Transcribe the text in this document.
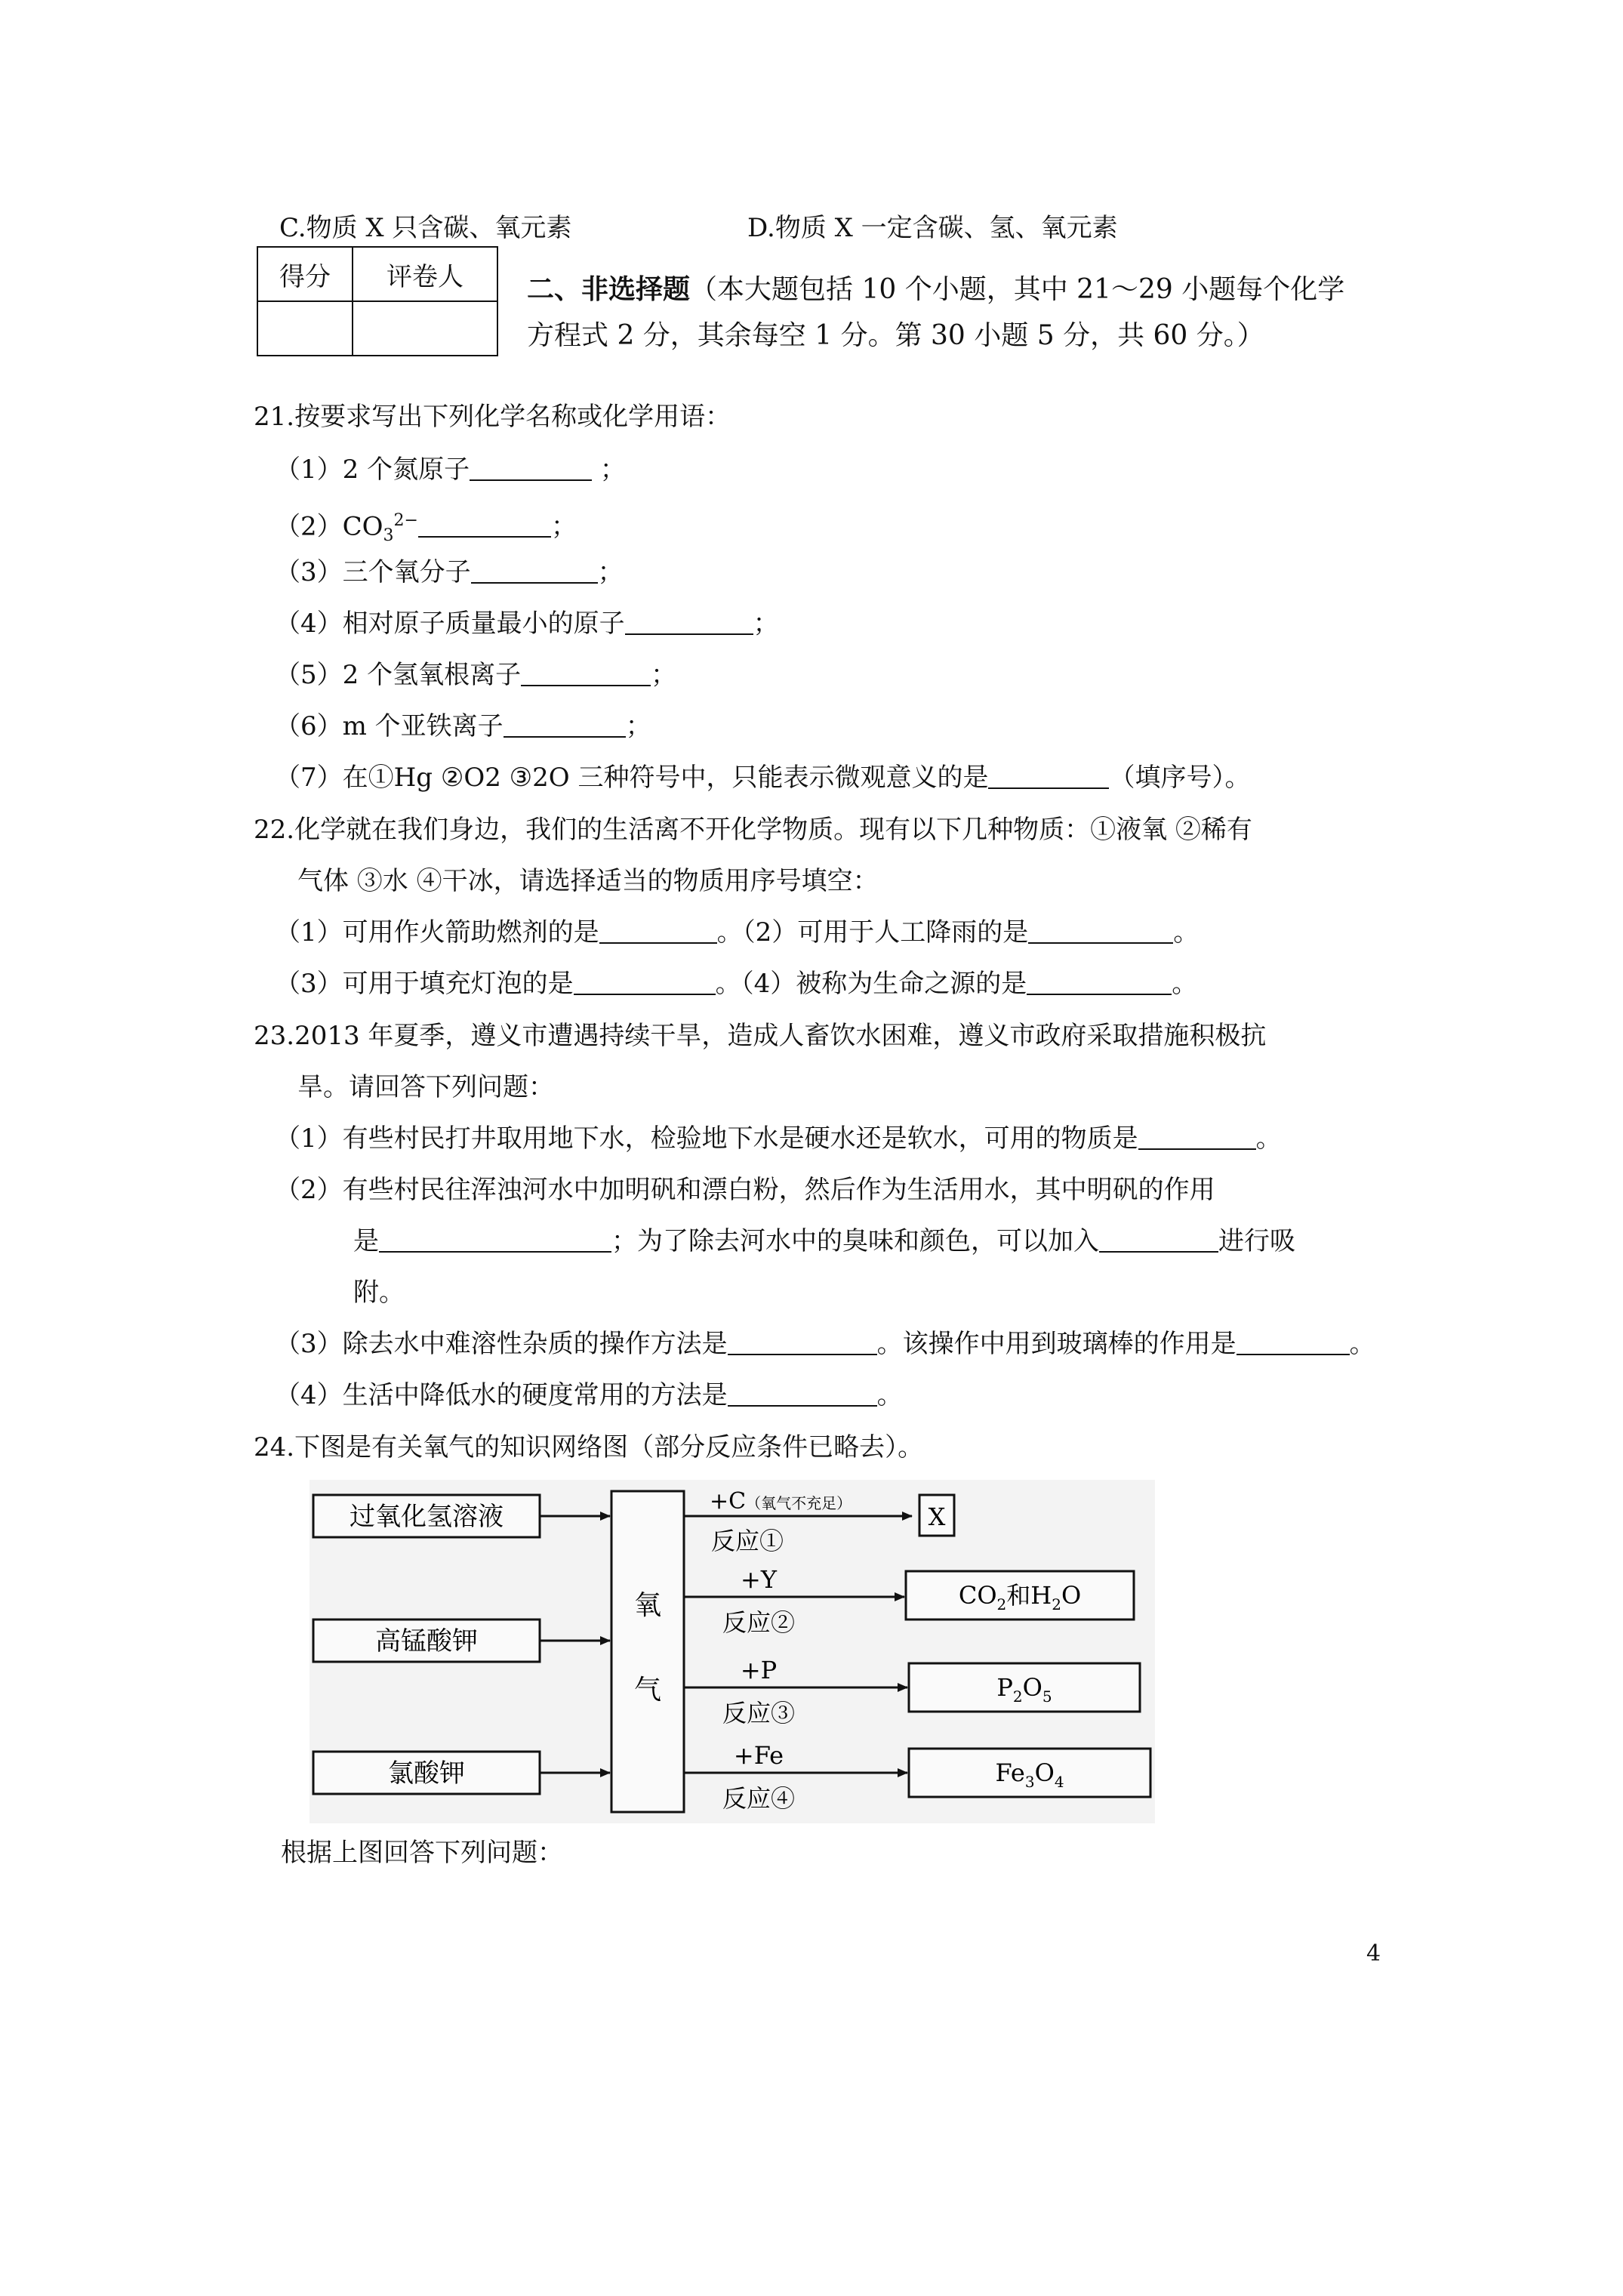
C.物质 X 只含碳、氧元素	D.物质 X 一定含碳、氢、氧元素
得分	评卷人
	二、非选择题（本大题包括 10 个小题，其中 21～29 小题每个化学
方程式 2 分，其余每空 1 分。第 30 小题 5 分，共 60 分。）
21.按要求写出下列化学名称或化学用语：
（1）2 个氮原子	；
$(2)CO_3^{2-}$	；
（3）三个氧分子	；
（4）相对原子质量最小的原子	；
（5）2 个氢氧根离子	；
（6）m 个亚铁离子	；
（7）在①Hg ②O2 ③2O 三种符号中，只能表示微观意义的是	（填序号）。
22.化学就在我们身边，我们的生活离不开化学物质。现有以下几种物质：①液氧 ②稀有
气体 ③水 ④干冰，请选择适当的物质用序号填空：
（1）可用作火箭助燃剂的是	。（2）可用于人工降雨的是	。
（3）可用于填充灯泡的是	。（4）被称为生命之源的是	。
23.2013 年夏季，遵义市遭遇持续干旱，造成人畜饮水困难，遵义市政府采取措施积极抗
旱。请回答下列问题：
（1）有些村民打井取用地下水，检验地下水是硬水还是软水，可用的物质是	。
（2）有些村民往浑浊河水中加明矾和漂白粉，然后作为生活用水，其中明矾的作用
是	；为了除去河水中的臭味和颜色，可以加入	进行吸
附。
（3）除去水中难溶性杂质的操作方法是	。该操作中用到玻璃棒的作用是	。
（4）生活中降低水的硬度常用的方法是	。
24.下图是有关氧气的知识网络图（部分反应条件已略去）。
过氧化氢溶液
高锰酸钾
氯酸钾
氧
气
+C（氧气不充足）
反应①
X
+Y
反应②
$CO_2$和$H_2O$
+P
反应③
$P_2O_5$
+Fe
反应④
$Fe_3O_4$
根据上图回答下列问题：
4
